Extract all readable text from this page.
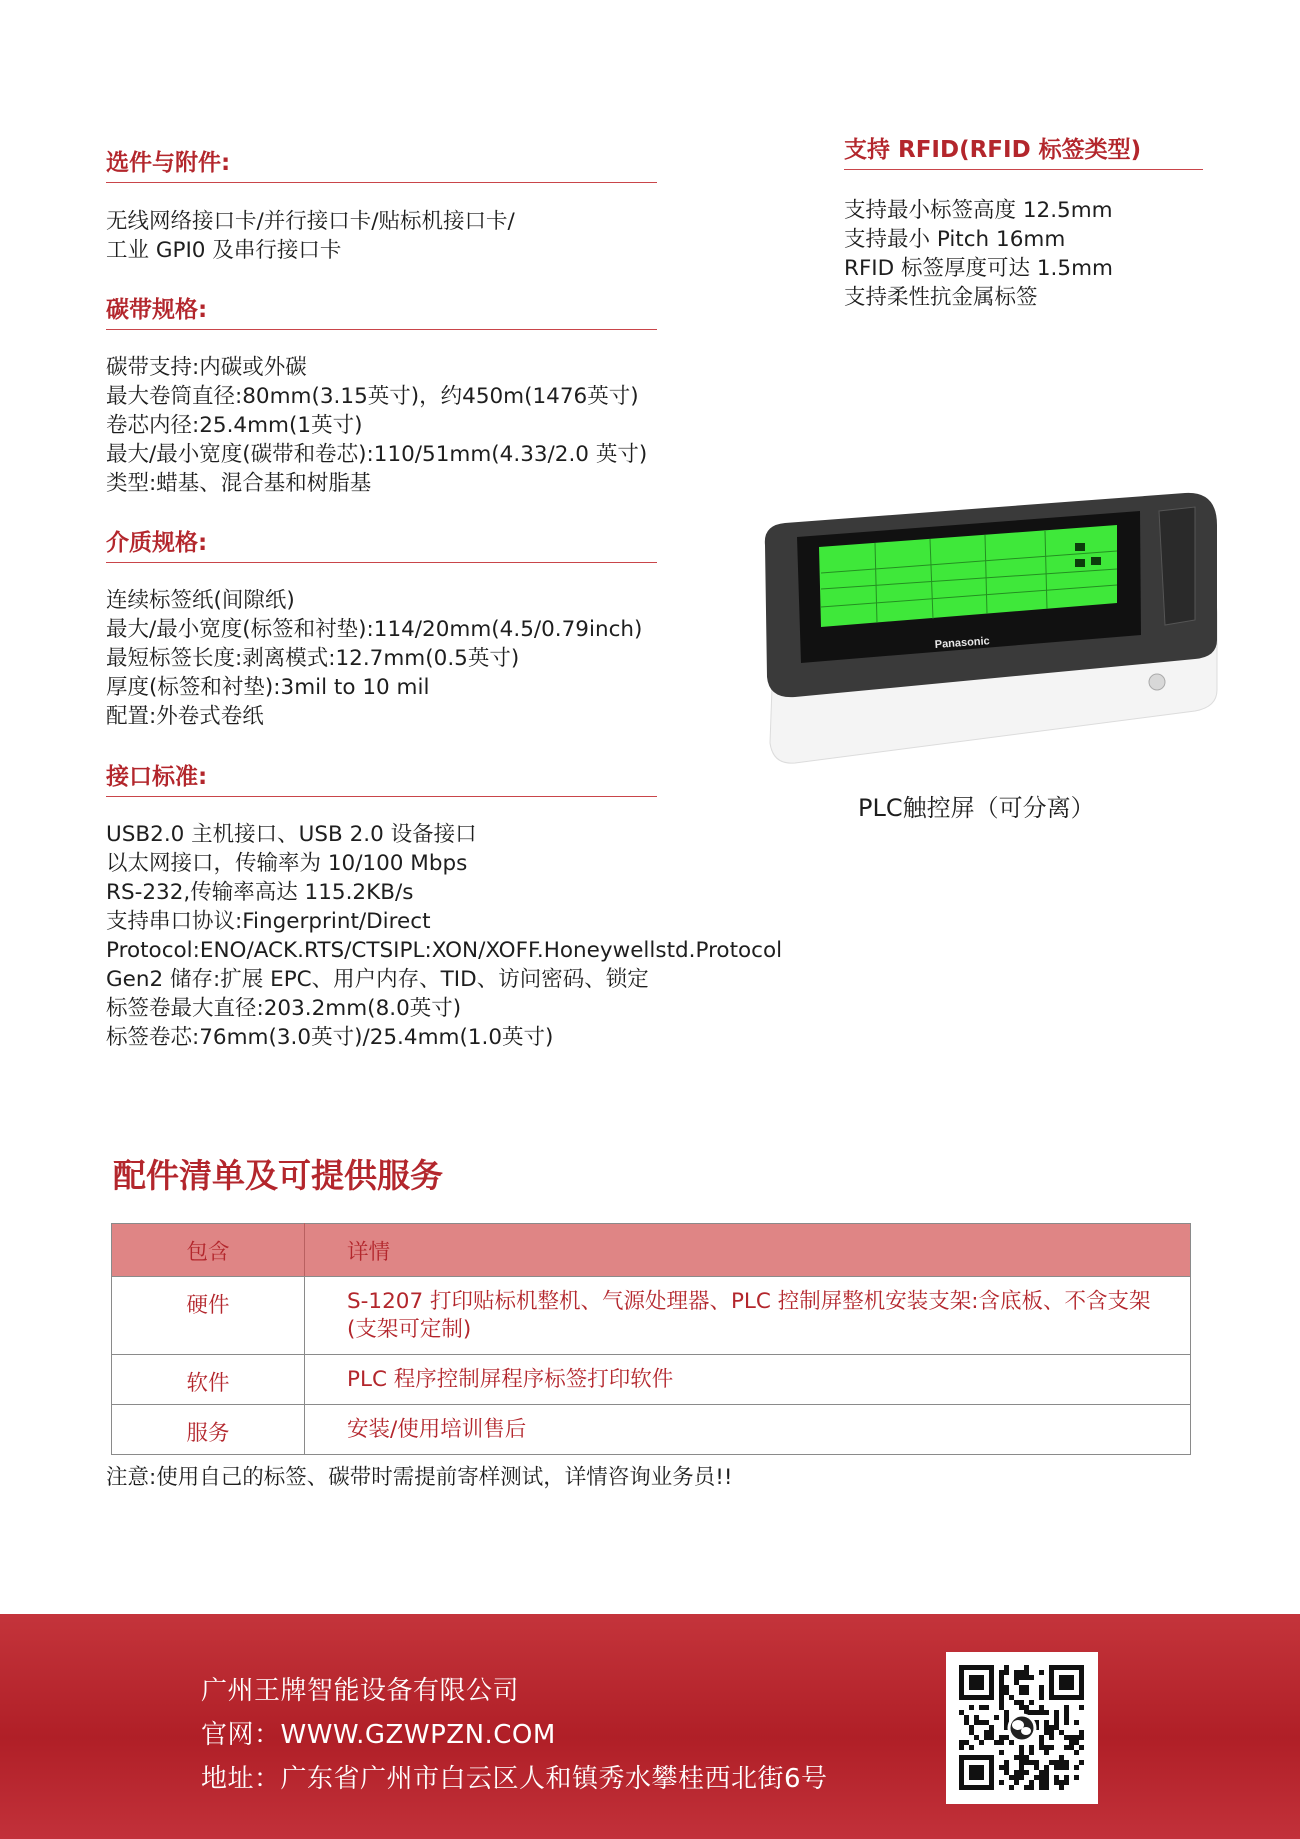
选件与附件:
无线网络接口卡/并行接口卡/贴标机接口卡/
工业 GPI0 及串行接口卡
碳带规格:
碳带支持:内碳或外碳
最大卷筒直径:80mm(3.15英寸)，约450m(1476英寸)
卷芯内径:25.4mm(1英寸)
最大/最小宽度(碳带和卷芯):110/51mm(4.33/2.0 英寸)
类型:蜡基、混合基和树脂基
介质规格:
连续标签纸(间隙纸)
最大/最小宽度(标签和衬垫):114/20mm(4.5/0.79inch)
最短标签长度:剥离模式:12.7mm(0.5英寸)
厚度(标签和衬垫):3mil to 10 mil
配置:外卷式卷纸
接口标准:
USB2.0 主机接口、USB 2.0 设备接口
以太网接口，传输率为 10/100 Mbps
RS-232,传输率高达 115.2KB/s
支持串口协议:Fingerprint/Direct
Protocol:ENO/ACK.RTS/CTSIPL:XON/XOFF.Honeywellstd.Protocol
Gen2 储存:扩展 EPC、用户内存、TID、访问密码、锁定
标签卷最大直径:203.2mm(8.0英寸)
标签卷芯:76mm(3.0英寸)/25.4mm(1.0英寸)
支持 RFID(RFID 标签类型)
支持最小标签高度 12.5mm
支持最小 Pitch 16mm
RFID 标签厚度可达 1.5mm
支持柔性抗金属标签
Panasonic
PLC触控屏（可分离）
配件清单及可提供服务
包含	详情
硬件	S-1207 打印贴标机整机、气源处理器、PLC 控制屏整机安装支架:含底板、不含支架(支架可定制)
软件	PLC 程序控制屏程序标签打印软件
服务	安装/使用培训售后
注意:使用自己的标签、碳带时需提前寄样测试，详情咨询业务员!!
广州王牌智能设备有限公司
官网：WWW.GZWPZN.COM
地址：广东省广州市白云区人和镇秀水攀桂西北街6号
